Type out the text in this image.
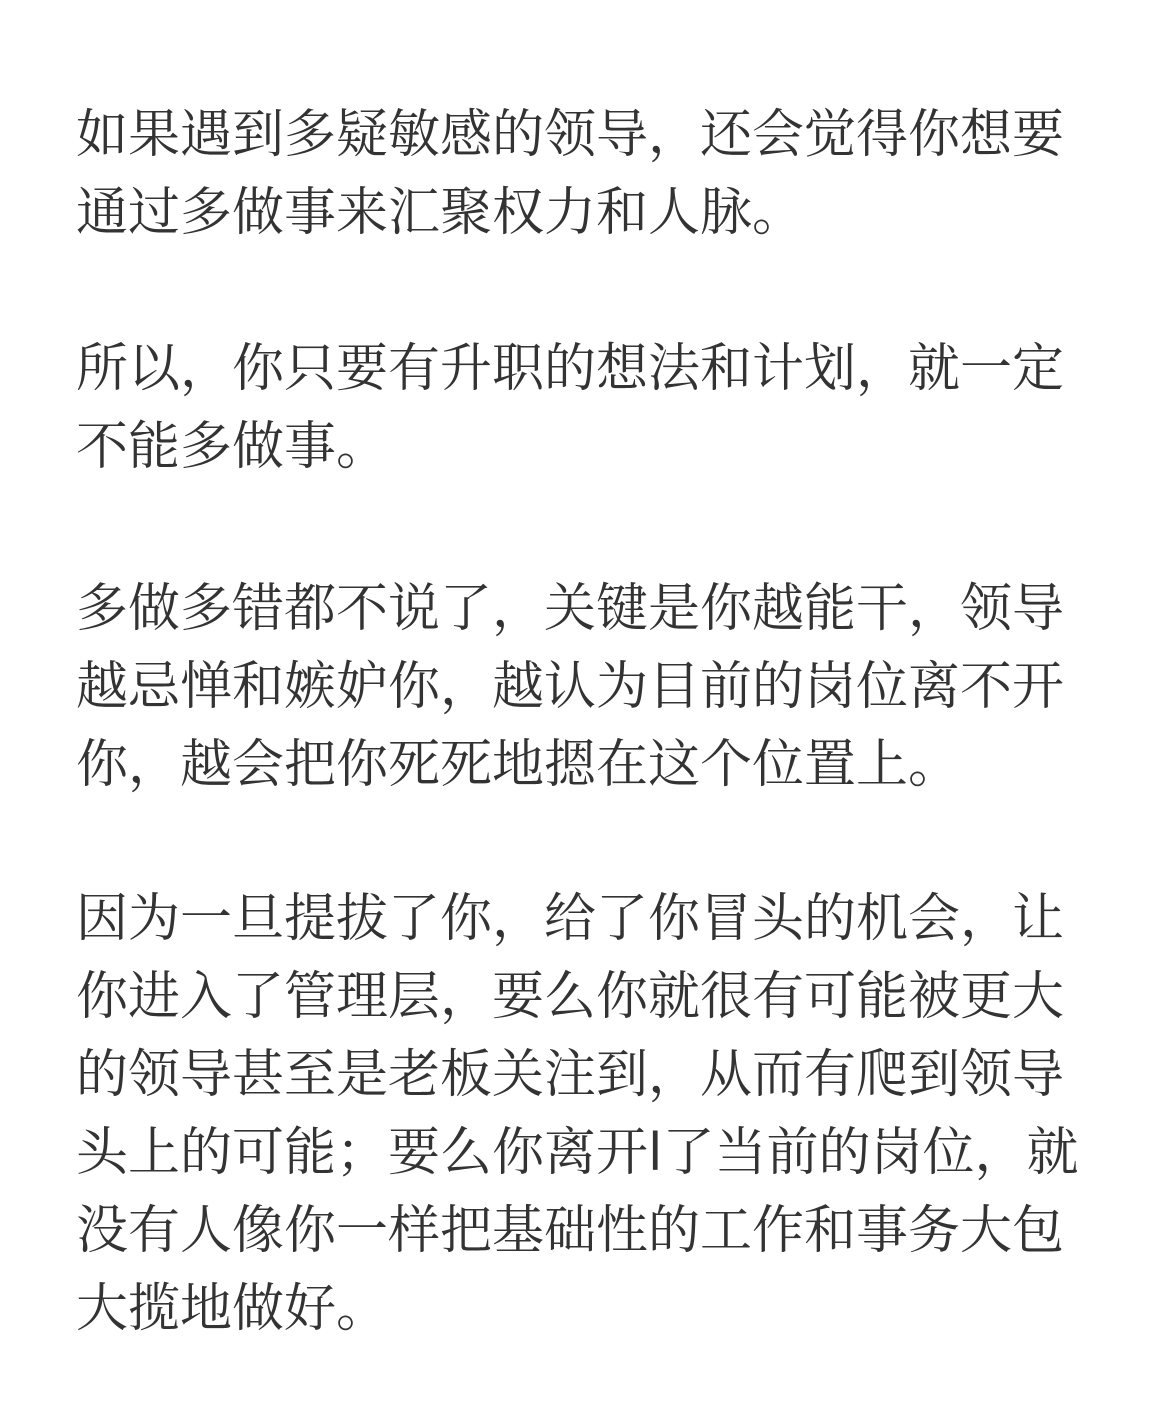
如果遇到多疑敏感的领导，还会觉得你想要
通过多做事来汇聚权力和人脉。

所以，你只要有升职的想法和计划，就一定
不能多做事。

多做多错都不说了，关键是你越能干，领导
越忌惮和嫉妒你，越认为目前的岗位离不开
你，越会把你死死地摁在这个位置上。

因为一旦提拔了你，给了你冒头的机会，让
你进入了管理层，要么你就很有可能被更大
的领导甚至是老板关注到，从而有爬到领导
头上的可能；要么你离开l了当前的岗位，就
没有人像你一样把基础性的工作和事务大包
大揽地做好。
